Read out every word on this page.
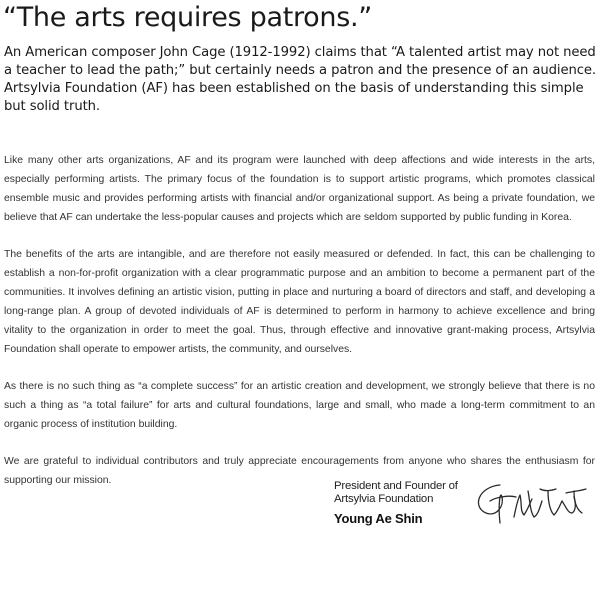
“The arts requires patrons.”

An American composer John Cage (1912-1992) claims that “A talented artist may not need a teacher to lead the path;” but certainly needs a patron and the presence of an audience. Artsylvia Foundation (AF) has been established on the basis of understanding this simple but solid truth.

Like many other arts organizations, AF and its program were launched with deep affections and wide interests in the arts, especially performing artists. The primary focus of the foundation is to support artistic programs, which promotes classical ensemble music and provides performing artists with financial and/or organizational support. As being a private foundation, we believe that AF can undertake the less-popular causes and projects which are seldom supported by public funding in Korea.

The benefits of the arts are intangible, and are therefore not easily measured or defended. In fact, this can be challenging to establish a non-for-profit organization with a clear programmatic purpose and an ambition to become a permanent part of the communities. It involves defining an artistic vision, putting in place and nurturing a board of directors and staff, and developing a long-range plan. A group of devoted individuals of AF is determined to perform in harmony to achieve excellence and bring vitality to the organization in order to meet the goal. Thus, through effective and innovative grant-making process, Artsylvia Foundation shall operate to empower artists, the community, and ourselves.

As there is no such thing as “a complete success” for an artistic creation and development, we strongly believe that there is no such a thing as “a total failure” for arts and cultural foundations, large and small, who made a long-term commitment to an organic process of institution building.

We are grateful to individual contributors and truly appreciate encouragements from anyone who shares the enthusiasm for supporting our mission.	President and Founder of
Artsylvia Foundation
Young Ae Shin
